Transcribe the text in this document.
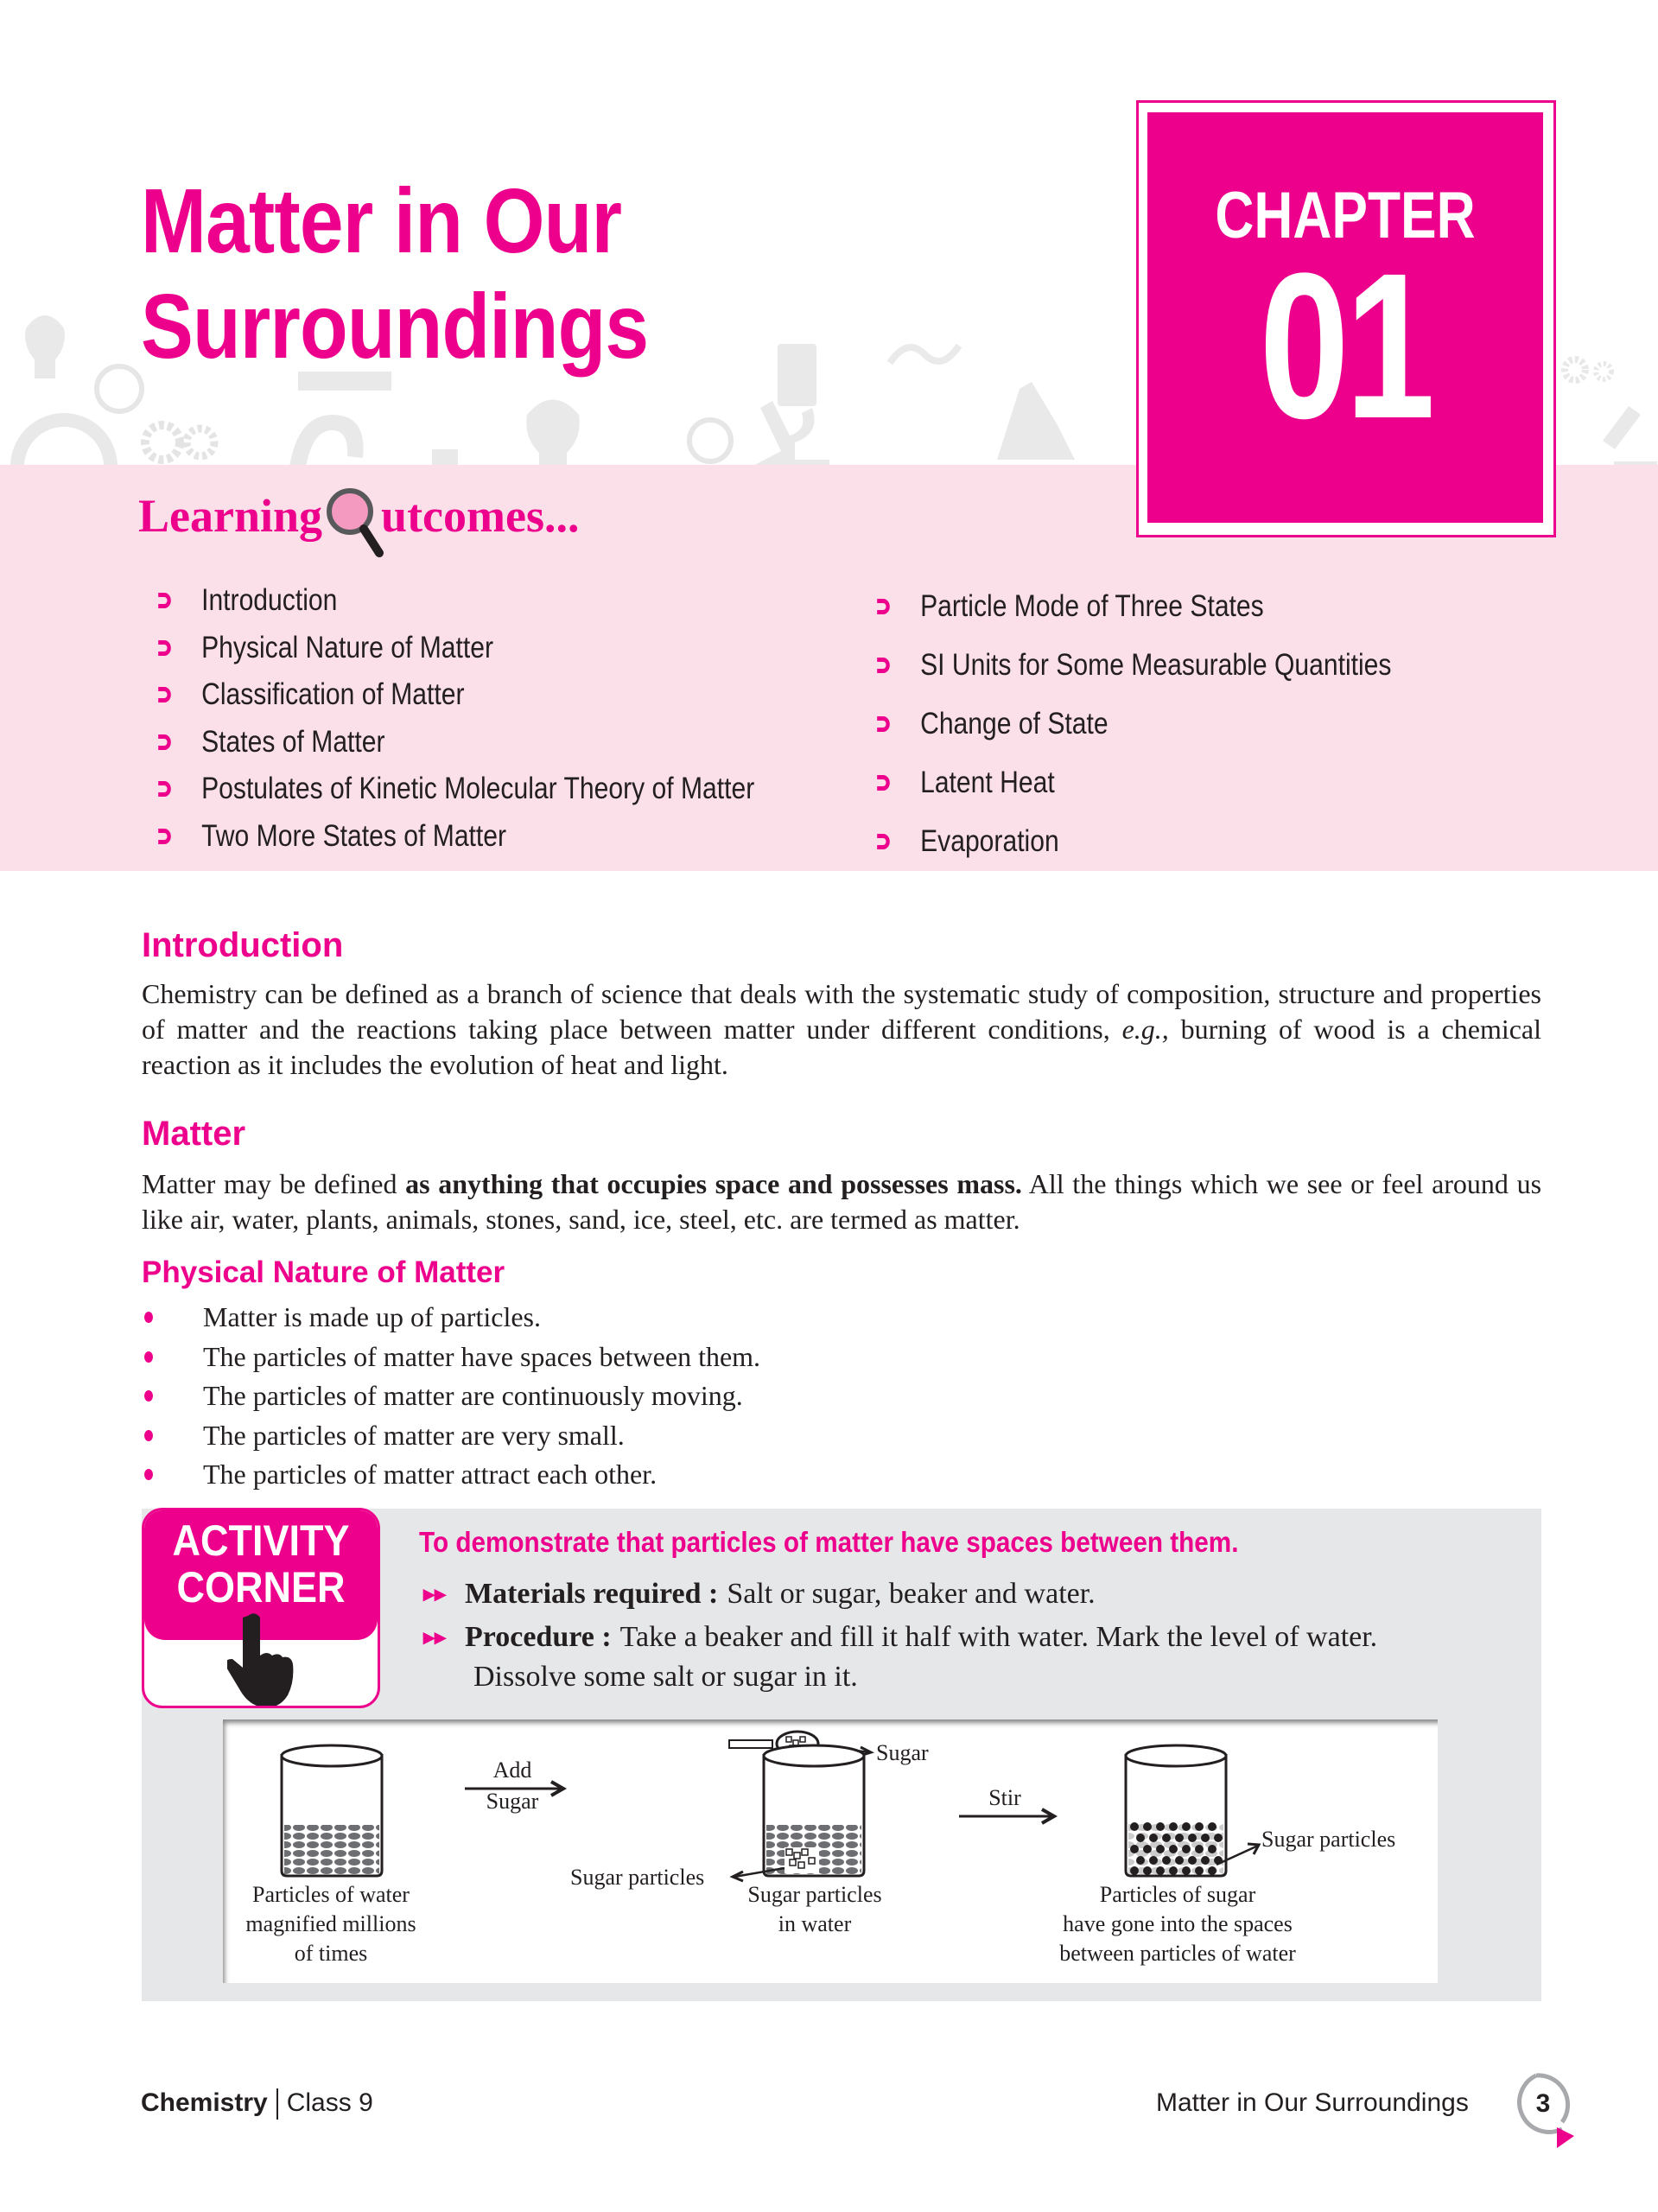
Matter in Our
Surroundings
CHAPTER
01
Learning utcomes...
Introduction
Physical Nature of Matter
Classification of Matter
States of Matter
Postulates of Kinetic Molecular Theory of Matter
Two More States of Matter
Particle Mode of Three States
SI Units for Some Measurable Quantities
Change of State
Latent Heat
Evaporation
Introduction
Chemistry can be defined as a branch of science that deals with the systematic study of composition, structure and properties of matter and the reactions taking place between matter under different conditions, e.g., burning of wood is a chemical reaction as it includes the evolution of heat and light.
Matter
Matter may be defined as anything that occupies space and possesses mass. All the things which we see or feel around us like air, water, plants, animals, stones, sand, ice, steel, etc. are termed as matter.
Physical Nature of Matter
Matter is made up of particles.
The particles of matter have spaces between them.
The particles of matter are continuously moving.
The particles of matter are very small.
The particles of matter attract each other.
ACTIVITY
CORNER
To demonstrate that particles of matter have spaces between them.
▸▸ Materials required : Salt or sugar, beaker and water.
▸▸ Procedure : Take a beaker and fill it half with water. Mark the level of water.
Dissolve some salt or sugar in it.
Particles of water
magnified millions
of times
Add
Sugar
Sugar
Sugar particles
Sugar particles
in water
Stir
Sugar particles
Particles of sugar
have gone into the spaces
between particles of water
Chemistry Class 9	Matter in Our Surroundings	3
